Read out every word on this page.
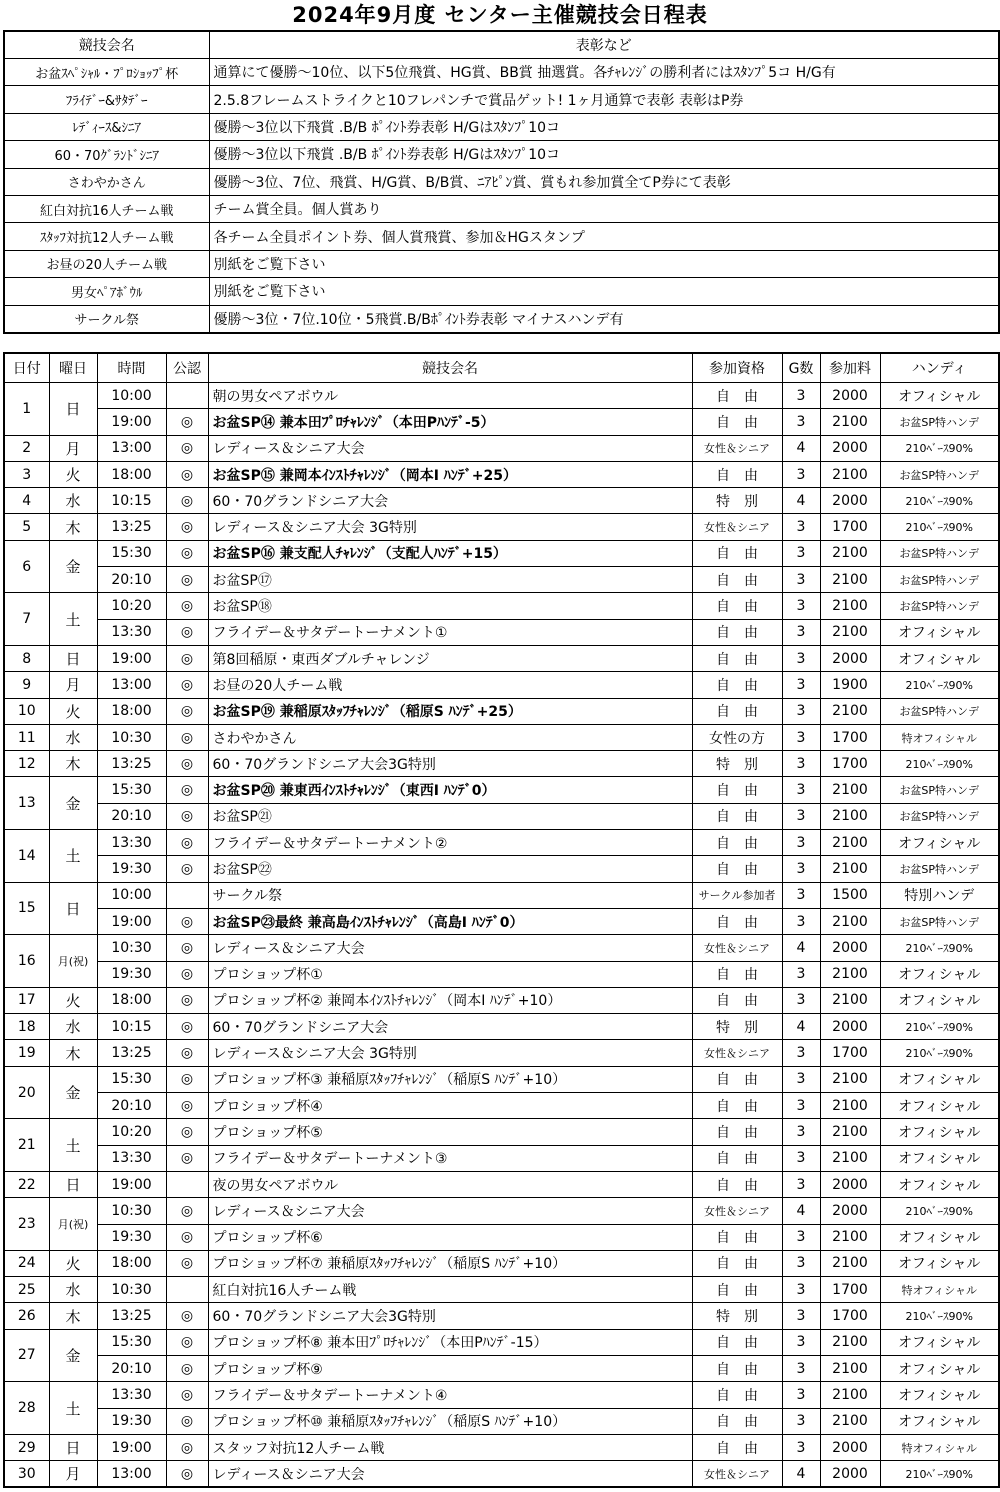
2024年9月度 センター主催競技会日程表
競技会名	表彰など
お盆ｽﾍﾟｼｬﾙ・ﾌﾟﾛｼｮｯﾌﾟ杯	通算にて優勝～10位、以下5位飛賞、HG賞、BB賞 抽選賞。各ﾁｬﾚﾝｼﾞの勝利者にはｽﾀﾝﾌﾟ5コ H/G有
ﾌﾗｲﾃﾞｰ&ｻﾀﾃﾞｰ	2.5.8フレームストライクと10フレパンチで賞品ゲット! 1ヶ月通算で表彰 表彰はP券
ﾚﾃﾞｨｰｽ&ｼﾆｱ	優勝～3位以下飛賞 .B/B ﾎﾟｲﾝﾄ券表彰 H/Gはｽﾀﾝﾌﾟ10コ
60・70ｸﾞﾗﾝﾄﾞｼﾆｱ	優勝～3位以下飛賞 .B/B ﾎﾟｲﾝﾄ券表彰 H/Gはｽﾀﾝﾌﾟ10コ
さわやかさん	優勝～3位、7位、飛賞、H/G賞、B/B賞、ﾆｱﾋﾟﾝ賞、賞もれ参加賞全てP券にて表彰
紅白対抗16人チーム戦	チーム賞全員。個人賞あり
ｽﾀｯﾌ対抗12人チーム戦	各チーム全員ポイント券、個人賞飛賞、参加＆HGスタンプ
お昼の20人チーム戦	別紙をご覧下さい
男女ﾍﾟｱﾎﾞｳﾙ	別紙をご覧下さい
サークル祭	優勝～3位・7位.10位・5飛賞.B/Bﾎﾟｲﾝﾄ券表彰 マイナスハンデ有
日付	曜日	時間	公認	競技会名	参加資格	G数	参加料	ハンディ
1	日	10:00		朝の男女ペアボウル	自　由	3	2000	オフィシャル
		19:00	◎	お盆SP⑭ 兼本田ﾌﾟﾛﾁｬﾚﾝｼﾞ（本田Pﾊﾝﾃﾞ-5）	自　由	3	2100	お盆SP特ハンデ
2	月	13:00	◎	レディース＆シニア大会	女性＆シニア	4	2000	210ﾍﾞｰｽ90%
3	火	18:00	◎	お盆SP⑮ 兼岡本ｲﾝｽﾄﾁｬﾚﾝｼﾞ（岡本I ﾊﾝﾃﾞ+25）	自　由	3	2100	お盆SP特ハンデ
4	水	10:15	◎	60・70グランドシニア大会	特　別	4	2000	210ﾍﾞｰｽ90%
5	木	13:25	◎	レディース＆シニア大会 3G特別	女性＆シニア	3	1700	210ﾍﾞｰｽ90%
6	金	15:30	◎	お盆SP⑯ 兼支配人ﾁｬﾚﾝｼﾞ（支配人ﾊﾝﾃﾞ+15）	自　由	3	2100	お盆SP特ハンデ
		20:10	◎	お盆SP⑰	自　由	3	2100	お盆SP特ハンデ
7	土	10:20	◎	お盆SP⑱	自　由	3	2100	お盆SP特ハンデ
		13:30	◎	フライデー＆サタデートーナメント①	自　由	3	2100	オフィシャル
8	日	19:00	◎	第8回稲原・東西ダブルチャレンジ	自　由	3	2000	オフィシャル
9	月	13:00	◎	お昼の20人チーム戦	自　由	3	1900	210ﾍﾞｰｽ90%
10	火	18:00	◎	お盆SP⑲ 兼稲原ｽﾀｯﾌﾁｬﾚﾝｼﾞ（稲原S ﾊﾝﾃﾞ+25）	自　由	3	2100	お盆SP特ハンデ
11	水	10:30	◎	さわやかさん	女性の方	3	1700	特オフィシャル
12	木	13:25	◎	60・70グランドシニア大会3G特別	特　別	3	1700	210ﾍﾞｰｽ90%
13	金	15:30	◎	お盆SP⑳ 兼東西ｲﾝｽﾄﾁｬﾚﾝｼﾞ（東西I ﾊﾝﾃﾞ0）	自　由	3	2100	お盆SP特ハンデ
		20:10	◎	お盆SP㉑	自　由	3	2100	お盆SP特ハンデ
14	土	13:30	◎	フライデー＆サタデートーナメント②	自　由	3	2100	オフィシャル
		19:30	◎	お盆SP㉒	自　由	3	2100	お盆SP特ハンデ
15	日	10:00		サークル祭	サークル参加者	3	1500	特別ハンデ
		19:00	◎	お盆SP㉓最終 兼高島ｲﾝｽﾄﾁｬﾚﾝｼﾞ（高島I ﾊﾝﾃﾞ0）	自　由	3	2100	お盆SP特ハンデ
16	月(祝)	10:30	◎	レディース＆シニア大会	女性＆シニア	4	2000	210ﾍﾞｰｽ90%
		19:30	◎	プロショップ杯①	自　由	3	2100	オフィシャル
17	火	18:00	◎	プロショップ杯② 兼岡本ｲﾝｽﾄﾁｬﾚﾝｼﾞ（岡本I ﾊﾝﾃﾞ+10）	自　由	3	2100	オフィシャル
18	水	10:15	◎	60・70グランドシニア大会	特　別	4	2000	210ﾍﾞｰｽ90%
19	木	13:25	◎	レディース＆シニア大会 3G特別	女性＆シニア	3	1700	210ﾍﾞｰｽ90%
20	金	15:30	◎	プロショップ杯③ 兼稲原ｽﾀｯﾌﾁｬﾚﾝｼﾞ（稲原S ﾊﾝﾃﾞ+10）	自　由	3	2100	オフィシャル
		20:10	◎	プロショップ杯④	自　由	3	2100	オフィシャル
21	土	10:20	◎	プロショップ杯⑤	自　由	3	2100	オフィシャル
		13:30	◎	フライデー＆サタデートーナメント③	自　由	3	2100	オフィシャル
22	日	19:00		夜の男女ペアボウル	自　由	3	2000	オフィシャル
23	月(祝)	10:30	◎	レディース＆シニア大会	女性＆シニア	4	2000	210ﾍﾞｰｽ90%
		19:30	◎	プロショップ杯⑥	自　由	3	2100	オフィシャル
24	火	18:00	◎	プロショップ杯⑦ 兼稲原ｽﾀｯﾌﾁｬﾚﾝｼﾞ（稲原S ﾊﾝﾃﾞ+10）	自　由	3	2100	オフィシャル
25	水	10:30		紅白対抗16人チーム戦	自　由	3	1700	特オフィシャル
26	木	13:25	◎	60・70グランドシニア大会3G特別	特　別	3	1700	210ﾍﾞｰｽ90%
27	金	15:30	◎	プロショップ杯⑧ 兼本田ﾌﾟﾛﾁｬﾚﾝｼﾞ（本田Pﾊﾝﾃﾞ-15）	自　由	3	2100	オフィシャル
		20:10	◎	プロショップ杯⑨	自　由	3	2100	オフィシャル
28	土	13:30	◎	フライデー＆サタデートーナメント④	自　由	3	2100	オフィシャル
		19:30	◎	プロショップ杯⑩ 兼稲原ｽﾀｯﾌﾁｬﾚﾝｼﾞ（稲原S ﾊﾝﾃﾞ+10）	自　由	3	2100	オフィシャル
29	日	19:00	◎	スタッフ対抗12人チーム戦	自　由	3	2000	特オフィシャル
30	月	13:00	◎	レディース＆シニア大会	女性＆シニア	4	2000	210ﾍﾞｰｽ90%
